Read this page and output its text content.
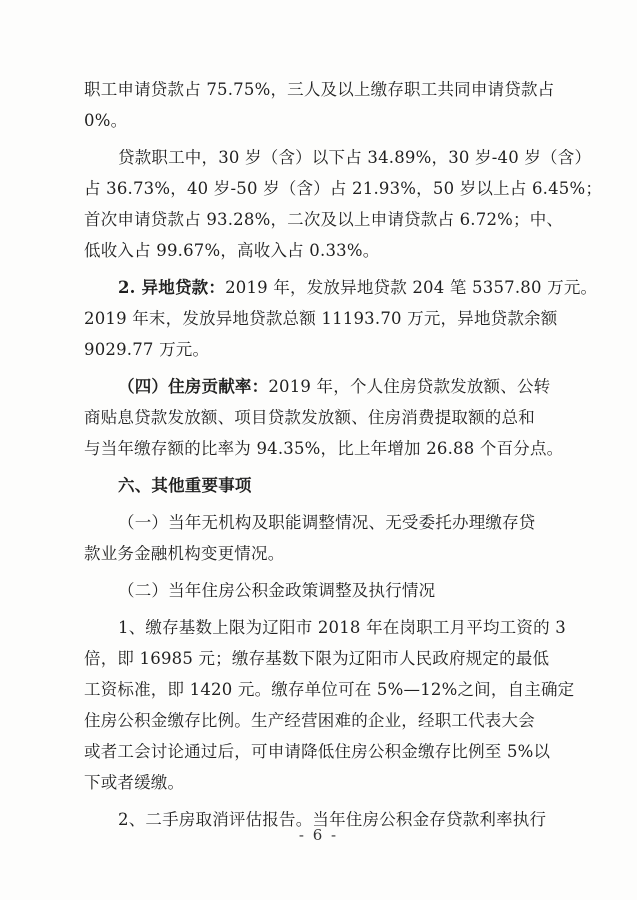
职工申请贷款占 75.75%，三人及以上缴存职工共同申请贷款占
0%。
贷款职工中，30 岁（含）以下占 34.89%，30 岁-40 岁（含）
占 36.73%，40 岁-50 岁（含）占 21.93%，50 岁以上占 6.45%；
首次申请贷款占 93.28%，二次及以上申请贷款占 6.72%；中、
低收入占 99.67%，高收入占 0.33%。
2. 异地贷款：2019 年，发放异地贷款 204 笔 5357.80 万元。
2019 年末，发放异地贷款总额 11193.70 万元，异地贷款余额
9029.77 万元。
（四）住房贡献率：2019 年，个人住房贷款发放额、公转
商贴息贷款发放额、项目贷款发放额、住房消费提取额的总和
与当年缴存额的比率为 94.35%，比上年增加 26.88 个百分点。
六、其他重要事项
（一）当年无机构及职能调整情况、无受委托办理缴存贷
款业务金融机构变更情况。
（二）当年住房公积金政策调整及执行情况
1、缴存基数上限为辽阳市 2018 年在岗职工月平均工资的 3
倍，即 16985 元；缴存基数下限为辽阳市人民政府规定的最低
工资标准，即 1420 元。缴存单位可在 5%—12%之间，自主确定
住房公积金缴存比例。生产经营困难的企业，经职工代表大会
或者工会讨论通过后，可申请降低住房公积金缴存比例至 5%以
下或者缓缴。
2、二手房取消评估报告。当年住房公积金存贷款利率执行
- 6 -
